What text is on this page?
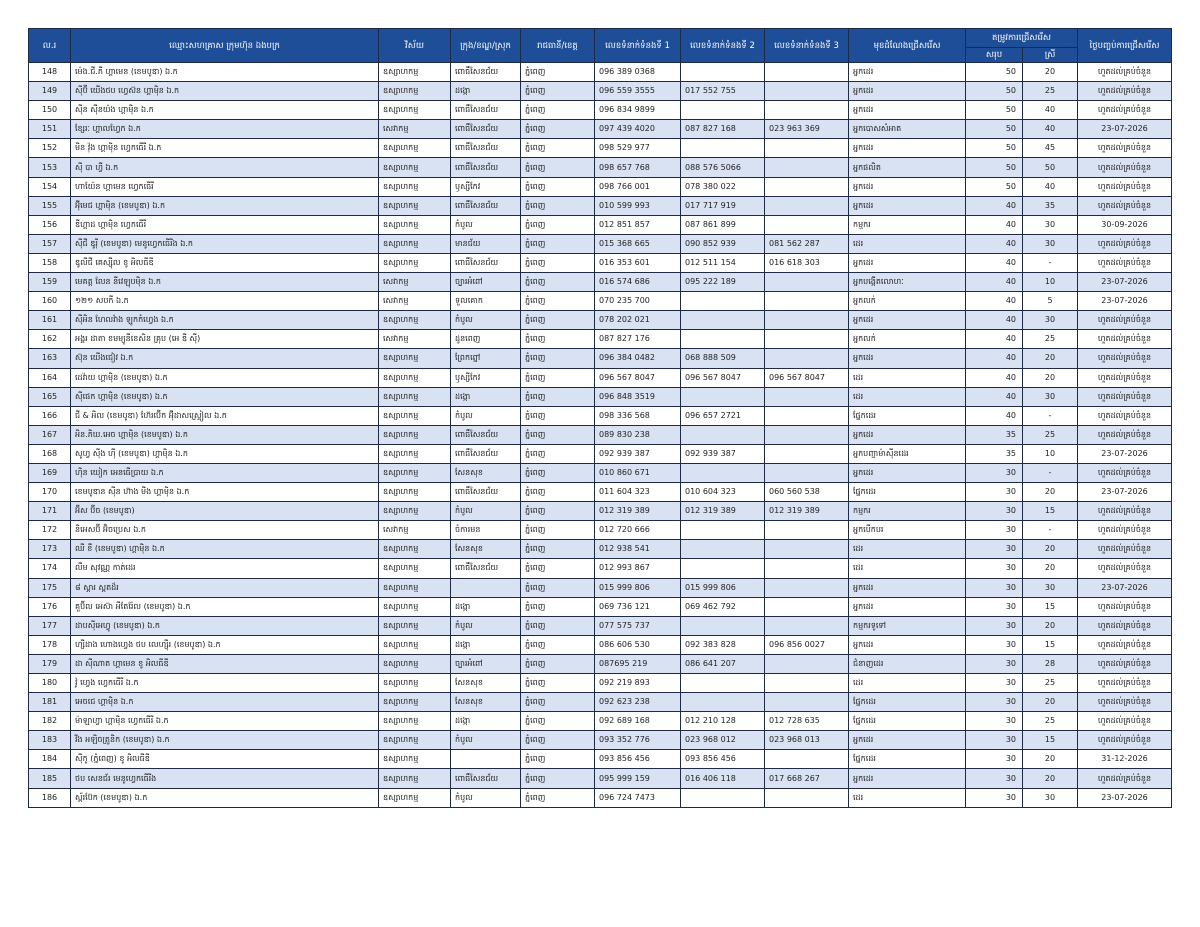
ល.រ	ឈ្មោះសហគ្រាស ក្រុមហ៊ុន ឯងបក្រ	វិស័យ	ក្រុង/ខណ្ឌ/ស្រុក	រាជធានី/ខេត្ត	លេខទំនាក់ទំនងទី 1	លេខទំនាក់ទំនងទី 2	លេខទំនាក់ទំនងទី 3	មុខដំណែងជ្រើសរើស	តម្រូវការជ្រើសរើស		ថ្ងៃបញ្ចប់ការជ្រើសរើស
									សរុប	ស្រី	
148	ម៉េង.ជី.ភី ហ្គាមេន (ខេមបូឌា) ឯ.ក	ឧស្សាហកម្ម	ពោធិ៍សែនជ័យ	ភ្នំពេញ	096 389 0368			អ្នកដេរ	50	20	ហួតដល់គ្រប់ចំនួន
149	ស៊ីប៊ី យើងថប ហ្វេស៊ន ហ្គាម៉ិន ឯ.ក	ឧស្សាហកម្ម	ដង្កោ	ភ្នំពេញ	096 559 3555	017 552 755		អ្នកដេរ	50	25	ហួតដល់គ្រប់ចំនួន
150	ស៊ីន ស៊ីនយ៉ង ហ្គាម៉ិន ឯ.ក	ឧស្សាហកម្ម	ពោធិ៍សែនជ័យ	ភ្នំពេញ	096 834 9899			អ្នកដេរ	50	40	ហួតដល់គ្រប់ចំនួន
151	ខ្សែរៈ ហ្គាលហ្វែក ឯ.ក	សេវាកម្ម	ពោធិ៍សែនជ័យ	ភ្នំពេញ	097 439 4020	087 827 168	023 963 369	អ្នកបោសសំអាត	50	40	23-07-2026
152	មិន វ៉ុង ហ្គាម៉ិន ហ្វេកធើរី ឯ.ក	ឧស្សាហកម្ម	ពោធិ៍សែនជ័យ	ភ្នំពេញ	098 529 977			អ្នកដេរ	50	45	ហួតដល់គ្រប់ចំនួន
153	ស៊ី បា ហ្វី ឯ.ក	ឧស្សាហកម្ម	ពោធិ៍សែនជ័យ	ភ្នំពេញ	098 657 768	088 576 5066		អ្នកផលិត	50	50	ហួតដល់គ្រប់ចំនួន
154	ហាយ៉ែន ហ្គាមេន ហ្វេកធើរី	ឧស្សាហកម្ម	ឫស្សីកែវ	ភ្នំពេញ	098 766 001	078 380 022		អ្នកដេរ	50	40	ហួតដល់គ្រប់ចំនួន
155	អ៊ុីមេជ ហ្គាម៉ិន (ខេមបូឌា) ឯ.ក	ឧស្សាហកម្ម	ពោធិ៍សែនជ័យ	ភ្នំពេញ	010 599 993	017 717 919		អ្នកដេរ	40	35	ហួតដល់គ្រប់ចំនួន
156	ឌីហ្គាដ ហ្គាម៉ិន ហ្វេកធើរី	ឧស្សាហកម្ម	កំបូល	ភ្នំពេញ	012 851 857	087 861 899		កម្មករ	40	30	30-09-2026
157	ស៊ីជី ឌូរ៉ី (ខេមបូឌា) មេនូហ្វេកធើរីង ឯ.ក	ឧស្សាហកម្ម	មានជ័យ	ភ្នំពេញ	015 368 665	090 852 939	081 562 287	ដេរ	40	30	ហួតដល់គ្រប់ចំនួន
158	ឌូលីជី គេស្ស៊ីល ខូ អិលធីឌី	ឧស្សាហកម្ម	ពោធិ៍សែនជ័យ	ភ្នំពេញ	016 353 601	012 511 154	016 618 303	អ្នកដេរ	40	-	ហួតដល់គ្រប់ចំនួន
159	មេគត្ត លែន នីវេឡុបម៉ិន ឯ.ក	សេវាកម្ម	ច្បារអំពៅ	ភ្នំពេញ	016 574 686	095 222 189		អ្នកបង្កើតលោហៈ	40	10	23-07-2026
160	១២១ សបកី ឯ.ក	សេវាកម្ម	ទួលគោក	ភ្នំពេញ	070 235 700			អ្នកលក់	40	5	23-07-2026
161	ស៊ីអិន ហែលវ៉ាង ឡូកកំហ្វេង ឯ.ក	ឧស្សាហកម្ម	កំបូល	ភ្នំពេញ	078 202 021			អ្នកដេរ	40	30	ហួតដល់គ្រប់ចំនួន
162	អង្គរ ដាតា ខមម្យូនីខេសិន គ្រុប (អេ ឌី ស៊ី)	សេវាកម្ម	ដូនពេញ	ភ្នំពេញ	087 827 176			អ្នកលក់	40	25	ហួតដល់គ្រប់ចំនួន
163	ស៊ុន យើងជៀវ ឯ.ក	ឧស្សាហកម្ម	ព្រែកព្នៅ	ភ្នំពេញ	096 384 0482	068 888 509		អ្នកដេរ	40	20	ហួតដល់គ្រប់ចំនួន
164	ដេវ៉ាយ ហ្គាម៉ិន (ខេមបូឌា) ឯ.ក	ឧស្សាហកម្ម	ឫស្សីកែវ	ភ្នំពេញ	096 567 8047	096 567 8047	096 567 8047	ដេរ	40	20	ហួតដល់គ្រប់ចំនួន
165	ស៊ីផេក ហ្គាម៉ិន (ខេមបូឌា) ឯ.ក	ឧស្សាហកម្ម	ដង្កោ	ភ្នំពេញ	096 848 3519			ដេរ	40	30	ហួតដល់គ្រប់ចំនួន
166	ជី & អិល (ខេមបូឌា) ហ៊ែរប៊ើក អ៊ុីដាសស្ទ្រៀល ឯ.ក	ឧស្សាហកម្ម	កំបូល	ភ្នំពេញ	098 336 568	096 657 2721		ផ្នែកដេរ	40	-	ហួតដល់គ្រប់ចំនួន
167	អិន.ភិឃ.អេច ហ្គាម៉ិន (ខេមបូឌា) ឯ.ក	ឧស្សាហកម្ម	ពោធិ៍សែនជ័យ	ភ្នំពេញ	089 830 238			អ្នកដេរ	35	25	ហួតដល់គ្រប់ចំនួន
168	សូហ្វ ស៊ីង ហ៊ី (ខេមបូឌា) ហ្គាម៉ិន ឯ.ក	ឧស្សាហកម្ម	ពោធិ៍សែនជ័យ	ភ្នំពេញ	092 939 387	092 939 387		អ្នកបញ្ជាម៉ាស៊ីនដេរ	35	10	23-07-2026
169	ហ៊ិន យៀក អេនធើប្រាយ ឯ.ក	ឧស្សាហកម្ម	សែនសុខ	ភ្នំពេញ	010 860 671			អ្នកដេរ	30	-	ហួតដល់គ្រប់ចំនួន
170	ខេមបូឌាន ស៊ីន ហ៊ាង មីង ហ្គាម៉ិន ឯ.ក	ឧស្សាហកម្ម	ពោធិ៍សែនជ័យ	ភ្នំពេញ	011 604 323	010 604 323	060 560 538	ផ្នែកដេរ	30	20	23-07-2026
171	អ៊ីស ប៊ីច (ខេមបូឌា)	ឧស្សាហកម្ម	កំបូល	ភ្នំពេញ	012 319 389	012 319 389	012 319 389	កម្មករ	30	15	ហួតដល់គ្រប់ចំនួន
172	និអេសប៊ី អ៊ិចប្រេស ឯ.ក	សេវាកម្ម	ចំការមន	ភ្នំពេញ	012 720 666			អ្នកបើកបរ	30	-	ហួតដល់គ្រប់ចំនួន
173	ឈី ខឺ (ខេមបូឌា) ហ្គាម៉ិន ឯ.ក	ឧស្សាហកម្ម	សែនសុខ	ភ្នំពេញ	012 938 541			ដេរ	30	20	ហួតដល់គ្រប់ចំនួន
174	លឹម សុវណ្ណ កាត់ដេរ	ឧស្សាហកម្ម	ពោធិ៍សែនជ័យ	ភ្នំពេញ	012 993 867			ដេរ	30	20	ហួតដល់គ្រប់ចំនួន
175	៨ ស្តារ ស្ពតដ៏រ	ឧស្សាហកម្ម		ភ្នំពេញ	015 999 806	015 999 806		អ្នកដេរ	30	30	23-07-2026
176	គួប៊ីល អេស៊ា អីតែរ៉ែល (ខេមបូឌា) ឯ.ក	ឧស្សាហកម្ម	ដង្កោ	ភ្នំពេញ	069 736 121	069 462 792		អ្នកដេរ	30	15	ហួតដល់គ្រប់ចំនួន
177	ដាបស៊ីអេហ្វូ (ខេមបូឌា) ឯ.ក	ឧស្សាហកម្ម	កំបូល	ភ្នំពេញ	077 575 737			កម្មករទូទៅ	30	20	ហួតដល់គ្រប់ចំនួន
178	ហ្សីដាង ហោងហ្វេង ថប លេហ្ស៊ីរ (ខេមបូឌា) ឯ.ក	ឧស្សាហកម្ម	ដង្កោ	ភ្នំពេញ	086 606 530	092 383 828	096 856 0027	អ្នកដេរ	30	15	ហួតដល់គ្រប់ចំនួន
179	ដា ស៊ីណាត ហ្គាមេន ខូ អិលធីឌី	ឧស្សាហកម្ម	ច្បារអំពៅ	ភ្នំពេញ	087695 219	086 641 207		ជំនាញដេរ	30	28	ហួតដល់គ្រប់ចំនួន
180	វ៉ូ ហ្វេង ហ្វេកធើរី ឯ.ក	ឧស្សាហកម្ម	សែនសុខ	ភ្នំពេញ	092 219 893			ដេរ	30	25	ហួតដល់គ្រប់ចំនួន
181	អេចជេ ហ្គាម៉ិន ឯ.ក	ឧស្សាហកម្ម	សែនសុខ	ភ្នំពេញ	092 623 238			ផ្នែកដេរ	30	20	ហួតដល់គ្រប់ចំនួន
182	ម៉ាឡាហ្វា ហ្គាម៉ិន ហ្វេកធើរី ឯ.ក	ឧស្សាហកម្ម	ដង្កោ	ភ្នំពេញ	092 689 168	012 210 128	012 728 635	ផ្នែកដេរ	30	25	ហួតដល់គ្រប់ចំនួន
183	វីង អឡិចត្រូនិក (ខេមបូឌា) ឯ.ក	ឧស្សាហកម្ម	កំបូល	ភ្នំពេញ	093 352 776	023 968 012	023 968 013	អ្នកដេរ	30	15	ហួតដល់គ្រប់ចំនួន
184	ស៊ីកូ (ភ្នំពេញ) ខូ អិលធីឌី	ឧស្សាហកម្ម		ភ្នំពេញ	093 856 456	093 856 456		ផ្នែកដេរ	30	20	31-12-2026
185	ថប សេនជ័រ មេនូហ្វេកធើរីង	ឧស្សាហកម្ម	ពោធិ៍សែនជ័យ	ភ្នំពេញ	095 999 159	016 406 118	017 668 267	អ្នកដេរ	30	20	ហួតដល់គ្រប់ចំនួន
186	ស្ព័រប៊ែក (ខេមបូឌា) ឯ.ក	ឧស្សាហកម្ម	កំបូល	ភ្នំពេញ	096 724 7473			ដេរ	30	30	23-07-2026
